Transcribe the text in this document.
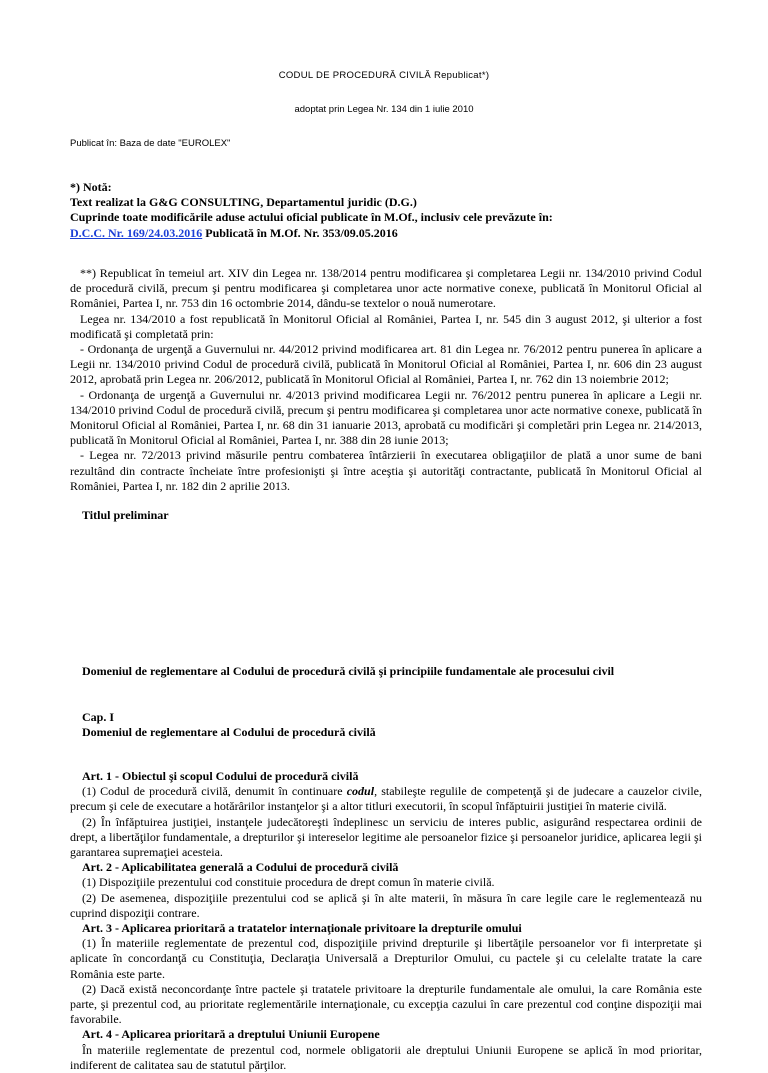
CODUL DE PROCEDURĂ CIVILĂ Republicat*)
adoptat prin Legea Nr. 134 din 1 iulie 2010
Publicat în: Baza de date "EUROLEX"
*) Notă:
Text realizat la G&G CONSULTING, Departamentul juridic (D.G.)
Cuprinde toate modificările aduse actului oficial publicate în M.Of., inclusiv cele prevăzute în:
D.C.C. Nr. 169/24.03.2016 Publicată în M.Of. Nr. 353/09.05.2016

**) Republicat în temeiul art. XIV din Legea nr. 138/2014 pentru modificarea şi completarea Legii nr. 134/2010 privind Codul de procedură civilă, precum şi pentru modificarea şi completarea unor acte normative conexe, publicată în Monitorul Oficial al României, Partea I, nr. 753 din 16 octombrie 2014, dându-se textelor o nouă numerotare.

Legea nr. 134/2010 a fost republicată în Monitorul Oficial al României, Partea I, nr. 545 din 3 august 2012, şi ulterior a fost modificată şi completată prin:

- Ordonanţa de urgenţă a Guvernului nr. 44/2012 privind modificarea art. 81 din Legea nr. 76/2012 pentru punerea în aplicare a Legii nr. 134/2010 privind Codul de procedură civilă, publicată în Monitorul Oficial al României, Partea I, nr. 606 din 23 august 2012, aprobată prin Legea nr. 206/2012, publicată în Monitorul Oficial al României, Partea I, nr. 762 din 13 noiembrie 2012;

- Ordonanţa de urgenţă a Guvernului nr. 4/2013 privind modificarea Legii nr. 76/2012 pentru punerea în aplicare a Legii nr. 134/2010 privind Codul de procedură civilă, precum şi pentru modificarea şi completarea unor acte normative conexe, publicată în Monitorul Oficial al României, Partea I, nr. 68 din 31 ianuarie 2013, aprobată cu modificări şi completări prin Legea nr. 214/2013, publicată în Monitorul Oficial al României, Partea I, nr. 388 din 28 iunie 2013;

- Legea nr. 72/2013 privind măsurile pentru combaterea întârzierii în executarea obligaţiilor de plată a unor sume de bani rezultând din contracte încheiate între profesionişti şi între aceştia şi autorităţi contractante, publicată în Monitorul Oficial al României, Partea I, nr. 182 din 2 aprilie 2013.

Titlul preliminar
Domeniul de reglementare al Codului de procedură civilă şi principiile fundamentale ale procesului civil
Cap. I
Domeniul de reglementare al Codului de procedură civilă

Art. 1 - Obiectul şi scopul Codului de procedură civilă

(1) Codul de procedură civilă, denumit în continuare codul, stabileşte regulile de competenţă şi de judecare a cauzelor civile, precum şi cele de executare a hotărârilor instanţelor şi a altor titluri executorii, în scopul înfăptuirii justiţiei în materie civilă.

(2) În înfăptuirea justiţiei, instanţele judecătoreşti îndeplinesc un serviciu de interes public, asigurând respectarea ordinii de drept, a libertăţilor fundamentale, a drepturilor şi intereselor legitime ale persoanelor fizice şi persoanelor juridice, aplicarea legii şi garantarea supremaţiei acesteia.

Art. 2 - Aplicabilitatea generală a Codului de procedură civilă

(1) Dispoziţiile prezentului cod constituie procedura de drept comun în materie civilă.

(2) De asemenea, dispoziţiile prezentului cod se aplică şi în alte materii, în măsura în care legile care le reglementează nu cuprind dispoziţii contrare.

Art. 3 - Aplicarea prioritară a tratatelor internaţionale privitoare la drepturile omului

(1) În materiile reglementate de prezentul cod, dispoziţiile privind drepturile şi libertăţile persoanelor vor fi interpretate şi aplicate în concordanţă cu Constituţia, Declaraţia Universală a Drepturilor Omului, cu pactele şi cu celelalte tratate la care România este parte.

(2) Dacă există neconcordanţe între pactele şi tratatele privitoare la drepturile fundamentale ale omului, la care România este parte, şi prezentul cod, au prioritate reglementările internaţionale, cu excepţia cazului în care prezentul cod conţine dispoziţii mai favorabile.

Art. 4 - Aplicarea prioritară a dreptului Uniunii Europene

În materiile reglementate de prezentul cod, normele obligatorii ale dreptului Uniunii Europene se aplică în mod prioritar, indiferent de calitatea sau de statutul părţilor.
